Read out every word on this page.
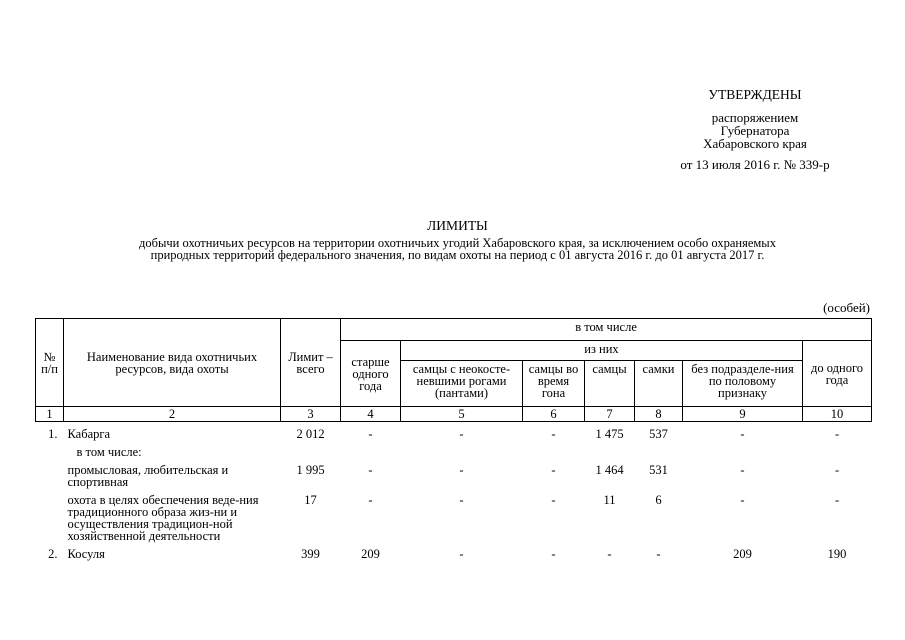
УТВЕРЖДЕНЫ
распоряжением
Губернатора
Хабаровского края
от 13 июля 2016 г. № 339-р
ЛИМИТЫ
добычи охотничьих ресурсов на территории охотничьих угодий Хабаровского края, за исключением особо охраняемых
природных территорий федерального значения, по видам охоты на период с 01 августа 2016 г. до 01 августа 2017 г.
(особей)
№ п/п	Наименование вида охотничьих ресурсов, вида охоты	Лимит – всего	в том числе						
			старше одного года	из них					до одного года
				самцы с неокосте-невшими рогами (пантами)	самцы во время гона	самцы	самки	без подразделе-ния по половому признаку	
1	2	3	4	5	6	7	8	9	10
1.	Кабарга	2 012	-	-	-	1 475	537	-	-
	в том числе:								
	промысловая, любительская и спортивная	1 995	-	-	-	1 464	531	-	-
	охота в целях обеспечения веде-ния традиционного образа жиз-ни и осуществления традицион-ной хозяйственной деятельности	17	-	-	-	11	6	-	-
2.	Косуля	399	209	-	-	-	-	209	190
